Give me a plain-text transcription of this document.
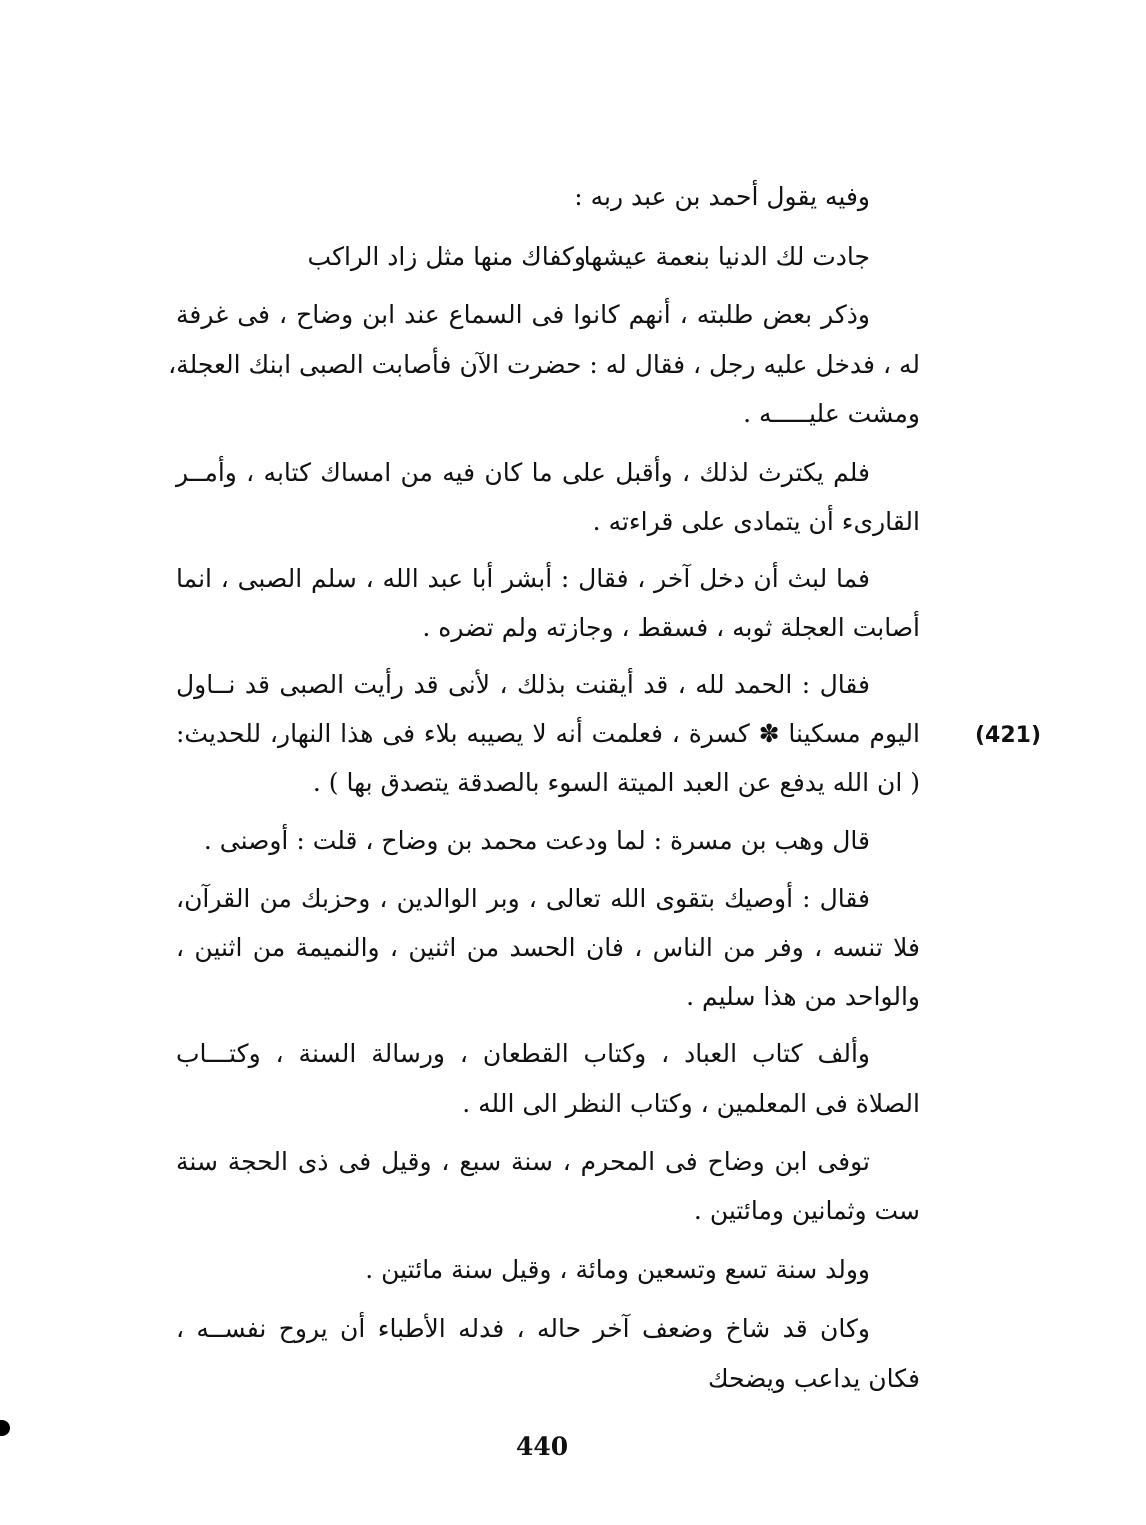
وفيه يقول أحمد بن عبد ربه :
جادت لك الدنيا بنعمة عيشها
وكفاك منها مثل زاد الراكب
وذكر بعض طلبته ، أنهم كانوا فى السماع عند ابن وضاح ، فى غرفة
له ، فدخل عليه رجل ، فقال له : حضرت الآن فأصابت الصبى ابنك العجلة،
ومشت عليـــــه .
فلم يكترث لذلك ، وأقبل على ما كان فيه من امساك كتابه ، وأمــر
القارىء أن يتمادى على قراءته .
فما لبث أن دخل آخر ، فقال : أبشر أبا عبد الله ، سلم الصبى ، انما
أصابت العجلة ثوبه ، فسقط ، وجازته ولم تضره .
فقال : الحمد لله ، قد أيقنت بذلك ، لأنى قد رأيت الصبى قد نــاول
اليوم مسكينا ✽ كسرة ، فعلمت أنه لا يصيبه بلاء فى هذا النهار، للحديث:
( ان الله يدفع عن العبد الميتة السوء بالصدقة يتصدق بها ) .
قال وهب بن مسرة : لما ودعت محمد بن وضاح ، قلت : أوصنى .
فقال : أوصيك بتقوى الله تعالى ، وبر الوالدين ، وحزبك من القرآن،
فلا تنسه ، وفر من الناس ، فان الحسد من اثنين ، والنميمة من اثنين ،
والواحد من هذا سليم .
وألف كتاب العباد ، وكتاب القطعان ، ورسالة السنة ، وكتـــاب
الصلاة فى المعلمين ، وكتاب النظر الى الله .
توفى ابن وضاح فى المحرم ، سنة سبع ، وقيل فى ذى الحجة سنة
ست وثمانين ومائتين .
وولد سنة تسع وتسعين ومائة ، وقيل سنة مائتين .
وكان قد شاخ وضعف آخر حاله ، فدله الأطباء أن يروح نفســه ،
فكان يداعب ويضحك
(421)
440
